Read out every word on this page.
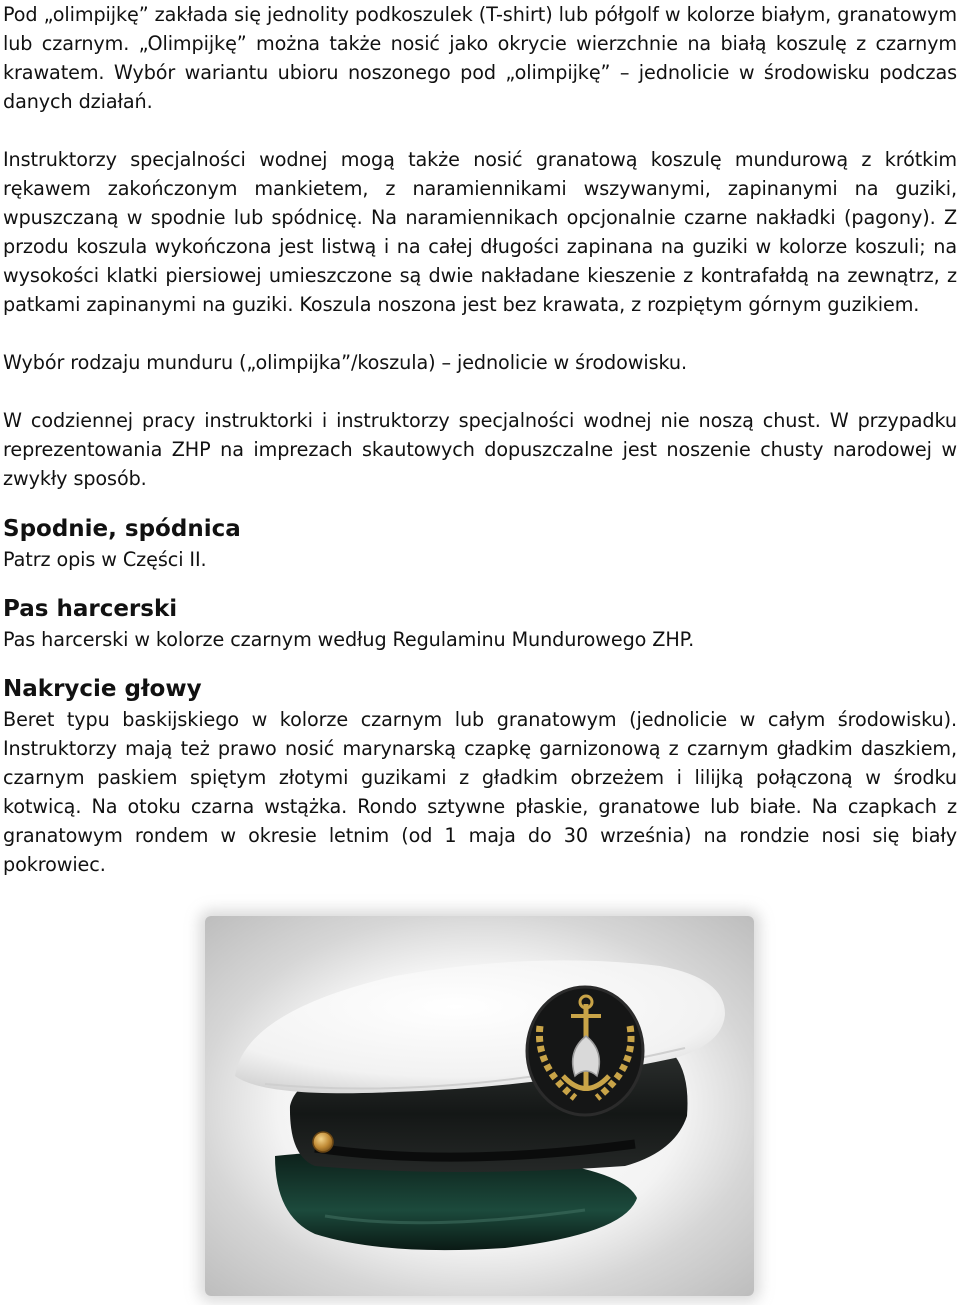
Pod „olimpijkę” zakłada się jednolity podkoszulek (T-shirt) lub półgolf w kolorze białym, granatowym lub czarnym. „Olimpijkę” można także nosić jako okrycie wierzchnie na białą koszulę z czarnym krawatem. Wybór wariantu ubioru noszonego pod „olimpijkę” – jednolicie w środowisku podczas danych działań.

Instruktorzy specjalności wodnej mogą także nosić granatową koszulę mundurową z krótkim rękawem zakończonym mankietem, z naramiennikami wszywanymi, zapinanymi na guziki, wpuszczaną w spodnie lub spódnicę. Na naramiennikach opcjonalnie czarne nakładki (pagony). Z przodu koszula wykończona jest listwą i na całej długości zapinana na guziki w kolorze koszuli; na wysokości klatki piersiowej umieszczone są dwie nakładane kieszenie z kontrafałdą na zewnątrz, z patkami zapinanymi na guziki. Koszula noszona jest bez krawata, z rozpiętym górnym guzikiem.

Wybór rodzaju munduru („olimpijka”/koszula) – jednolicie w środowisku.

W codziennej pracy instruktorki i instruktorzy specjalności wodnej nie noszą chust. W przypadku reprezentowania ZHP na imprezach skautowych dopuszczalne jest noszenie chusty narodowej w zwykły sposób.

Spodnie, spódnica

Patrz opis w Części II.

Pas harcerski

Pas harcerski w kolorze czarnym według Regulaminu Mundurowego ZHP.

Nakrycie głowy

Beret typu baskijskiego w kolorze czarnym lub granatowym (jednolicie w całym środowisku). Instruktorzy mają też prawo nosić marynarską czapkę garnizonową z czarnym gładkim daszkiem, czarnym paskiem spiętym złotymi guzikami z gładkim obrzeżem i lilijką połączoną w środku kotwicą. Na otoku czarna wstążka. Rondo sztywne płaskie, granatowe lub białe. Na czapkach z granatowym rondem w okresie letnim (od 1 maja do 30 września) na rondzie nosi się biały pokrowiec.
